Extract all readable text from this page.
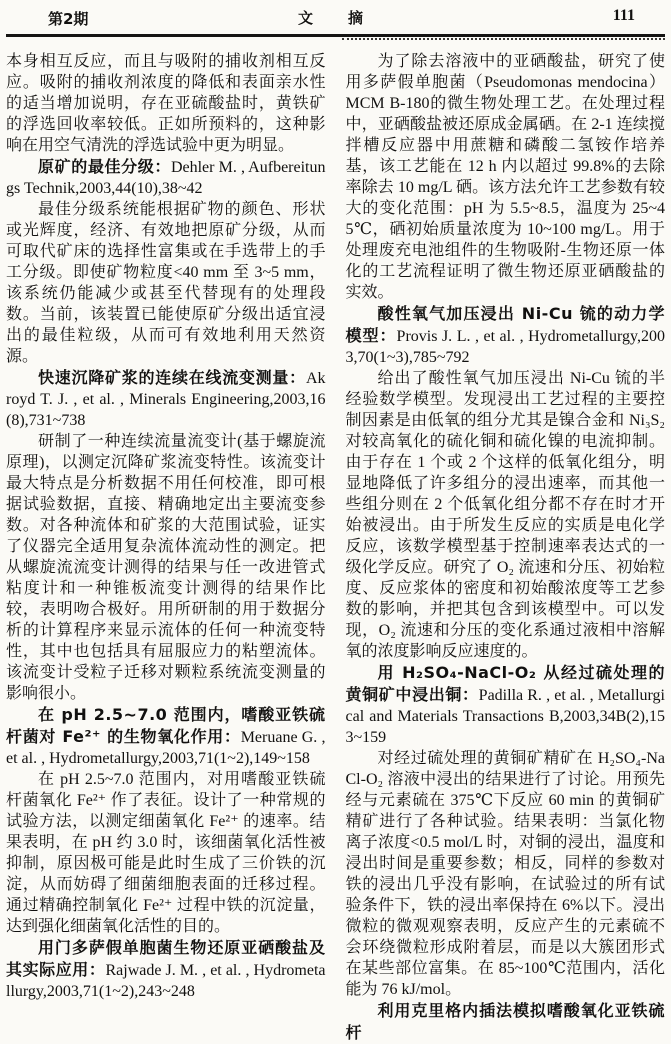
第2期	文　摘	111

本身相互反应，而且与吸附的捕收剂相互反应。吸附的捕收剂浓度的降低和表面亲水性的适当增加说明，存在亚硫酸盐时，黄铁矿的浮选回收率较低。正如所预料的，这种影响在用空气清洗的浮选试验中更为明显。

原矿的最佳分级：Dehler M. , Aufbereitungs Technik,2003,44(10),38~42

最佳分级系统能根据矿物的颜色、形状或光辉度，经济、有效地把原矿分级，从而可取代矿床的选择性富集或在手选带上的手工分级。即使矿物粒度<40 mm 至 3~5 mm，该系统仍能减少或甚至代替现有的处理段数。当前，该装置已能使原矿分级出适宜浸出的最佳粒级，从而可有效地利用天然资源。

快速沉降矿浆的连续在线流变测量：Akroyd T. J. , et al. , Minerals Engineering,2003,16 (8),731~738

研制了一种连续流量流变计(基于螺旋流原理)，以测定沉降矿浆流变特性。该流变计最大特点是分析数据不用任何校准，即可根据试验数据，直接、精确地定出主要流变参数。对各种流体和矿浆的大范围试验，证实了仪器完全适用复杂流体流动性的测定。把从螺旋流流变计测得的结果与任一改进管式粘度计和一种锥板流变计测得的结果作比较，表明吻合极好。用所研制的用于数据分析的计算程序来显示流体的任何一种流变特性，其中也包括具有屈服应力的粘塑流体。该流变计受粒子迁移对颗粒系统流变测量的影响很小。

在 pH 2.5~7.0 范围内，嗜酸亚铁硫杆菌对 Fe²⁺ 的生物氧化作用：Meruane G. , et al. , Hydrometallurgy,2003,71(1~2),149~158

在 pH 2.5~7.0 范围内，对用嗜酸亚铁硫杆菌氧化 Fe²⁺ 作了表征。设计了一种常规的试验方法，以测定细菌氧化 Fe²⁺ 的速率。结果表明，在 pH 约 3.0 时，该细菌氧化活性被抑制，原因极可能是此时生成了三价铁的沉淀，从而妨碍了细菌细胞表面的迁移过程。通过精确控制氧化 Fe²⁺ 过程中铁的沉淀量，达到强化细菌氧化活性的目的。

用门多萨假单胞菌生物还原亚硒酸盐及其实际应用：Rajwade J. M. , et al. , Hydrometallurgy,2003,71(1~2),243~248

为了除去溶液中的亚硒酸盐，研究了使用多萨假单胞菌（Pseudomonas mendocina）MCM B-180的微生物处理工艺。在处理过程中，亚硒酸盐被还原成金属硒。在 2-1 连续搅拌槽反应器中用蔗糖和磷酸二氢铵作培养基，该工艺能在 12 h 内以超过 99.8%的去除率除去 10 mg/L 硒。该方法允许工艺参数有较大的变化范围：pH 为 5.5~8.5，温度为 25~45℃，硒初始质量浓度为 10~100 mg/L。用于处理废充电池组件的生物吸附-生物还原一体化的工艺流程证明了微生物还原亚硒酸盐的实效。

酸性氧气加压浸出 Ni-Cu 锍的动力学模型：Provis J. L. , et al. , Hydrometallurgy,2003,70(1~3),785~792

给出了酸性氧气加压浸出 Ni-Cu 锍的半经验数学模型。发现浸出工艺过程的主要控制因素是由低氧的组分尤其是镍合金和 Ni₃S₂ 对较高氧化的硫化铜和硫化镍的电流抑制。由于存在 1 个或 2 个这样的低氧化组分，明显地降低了许多组分的浸出速率，而其他一些组分则在 2 个低氧化组分都不存在时才开始被浸出。由于所发生反应的实质是电化学反应，该数学模型基于控制速率表达式的一级化学反应。研究了 O₂ 流速和分压、初始粒度、反应浆体的密度和初始酸浓度等工艺参数的影响，并把其包含到该模型中。可以发现，O₂ 流速和分压的变化系通过液相中溶解氧的浓度影响反应速度的。

用 H₂SO₄-NaCl-O₂ 从经过硫处理的黄铜矿中浸出铜：Padilla R. , et al. , Metallurgical and Materials Transactions B,2003,34B(2),153~159

对经过硫处理的黄铜矿精矿在 H₂SO₄-NaCl-O₂ 溶液中浸出的结果进行了讨论。用预先经与元素硫在 375℃下反应 60 min 的黄铜矿精矿进行了各种试验。结果表明：当氯化物离子浓度<0.5 mol/L 时，对铜的浸出，温度和浸出时间是重要参数；相反，同样的参数对铁的浸出几乎没有影响，在试验过的所有试验条件下，铁的浸出率保持在 6%以下。浸出微粒的微观观察表明，反应产生的元素硫不会环绕微粒形成附着层，而是以大簇团形式在某些部位富集。在 85~100℃范围内，活化能为 76 kJ/mol。

利用克里格内插法模拟嗜酸氧化亚铁硫杆
